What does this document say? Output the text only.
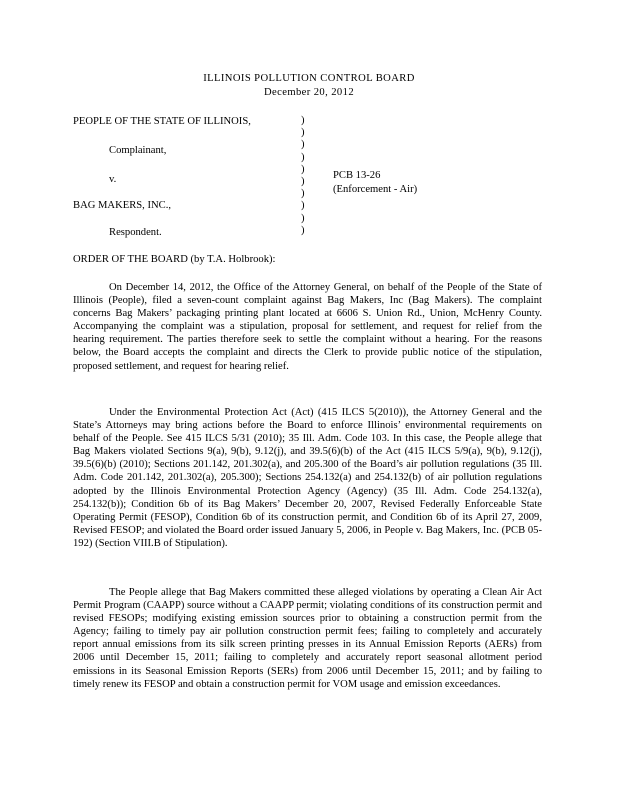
ILLINOIS POLLUTION CONTROL BOARD
December 20, 2012
PEOPLE OF THE STATE OF ILLINOIS,
Complainant,
v.	PCB 13-26
(Enforcement - Air)
BAG MAKERS, INC.,
Respondent.
)
)
)
)
)
)
)
)
)
)
ORDER OF THE BOARD (by T.A. Holbrook):

On December 14, 2012, the Office of the Attorney General, on behalf of the People of the State of Illinois (People), filed a seven-count complaint against Bag Makers, Inc (Bag Makers). The complaint concerns Bag Makers’ packaging printing plant located at 6606 S. Union Rd., Union, McHenry County. Accompanying the complaint was a stipulation, proposal for settlement, and request for relief from the hearing requirement. The parties therefore seek to settle the complaint without a hearing. For the reasons below, the Board accepts the complaint and directs the Clerk to provide public notice of the stipulation, proposed settlement, and request for hearing relief.

Under the Environmental Protection Act (Act) (415 ILCS 5(2010)), the Attorney General and the State’s Attorneys may bring actions before the Board to enforce Illinois’ environmental requirements on behalf of the People. See 415 ILCS 5/31 (2010); 35 Ill. Adm. Code 103. In this case, the People allege that Bag Makers violated Sections 9(a), 9(b), 9.12(j), and 39.5(6)(b) of the Act (415 ILCS 5/9(a), 9(b), 9.12(j), 39.5(6)(b) (2010); Sections 201.142, 201.302(a), and 205.300 of the Board’s air pollution regulations (35 Ill. Adm. Code 201.142, 201.302(a), 205.300); Sections 254.132(a) and 254.132(b) of air pollution regulations adopted by the Illinois Environmental Protection Agency (Agency) (35 Ill. Adm. Code 254.132(a), 254.132(b)); Condition 6b of its Bag Makers’ December 20, 2007, Revised Federally Enforceable State Operating Permit (FESOP), Condition 6b of its construction permit, and Condition 6b of its April 27, 2009, Revised FESOP; and violated the Board order issued January 5, 2006, in People v. Bag Makers, Inc. (PCB 05-192) (Section VIII.B of Stipulation).

The People allege that Bag Makers committed these alleged violations by operating a Clean Air Act Permit Program (CAAPP) source without a CAAPP permit; violating conditions of its construction permit and revised FESOPs; modifying existing emission sources prior to obtaining a construction permit from the Agency; failing to timely pay air pollution construction permit fees; failing to completely and accurately report annual emissions from its silk screen printing presses in its Annual Emission Reports (AERs) from 2006 until December 15, 2011; failing to completely and accurately report seasonal allotment period emissions in its Seasonal Emission Reports (SERs) from 2006 until December 15, 2011; and by failing to timely renew its FESOP and obtain a construction permit for VOM usage and emission exceedances.
